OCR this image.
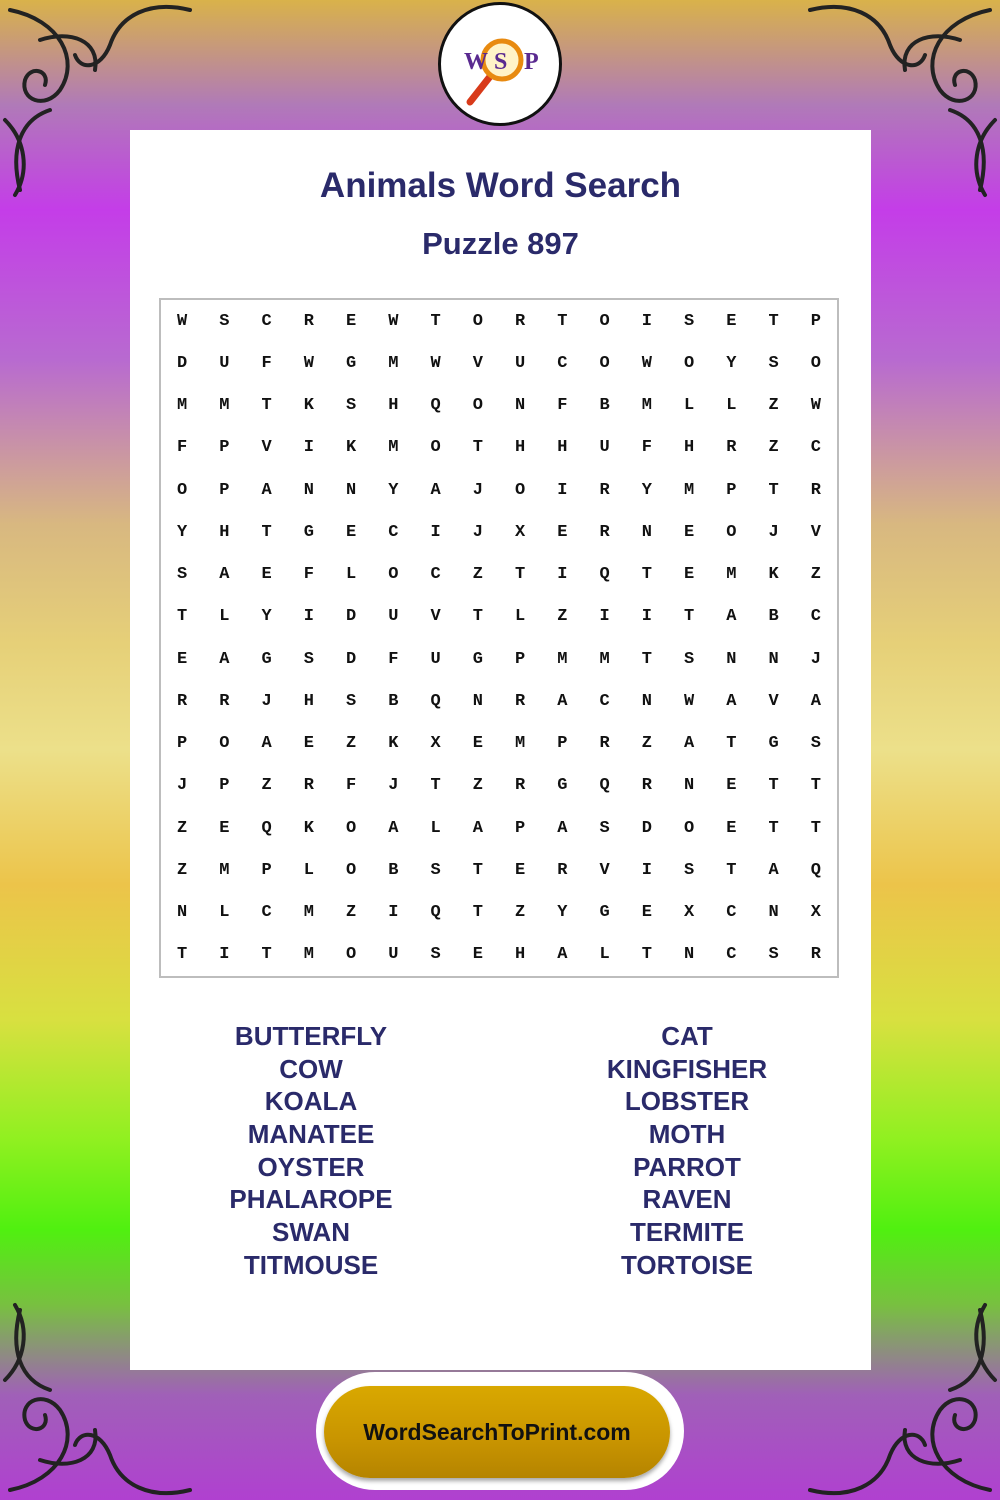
Animals Word Search
Puzzle 897
W	S	C	R	E	W	T	O	R	T	O	I	S	E	T	P
D	U	F	W	G	M	W	V	U	C	O	W	O	Y	S	O
M	M	T	K	S	H	Q	O	N	F	B	M	L	L	Z	W
F	P	V	I	K	M	O	T	H	H	U	F	H	R	Z	C
O	P	A	N	N	Y	A	J	O	I	R	Y	M	P	T	R
Y	H	T	G	E	C	I	J	X	E	R	N	E	O	J	V
S	A	E	F	L	O	C	Z	T	I	Q	T	E	M	K	Z
T	L	Y	I	D	U	V	T	L	Z	I	I	T	A	B	C
E	A	G	S	D	F	U	G	P	M	M	T	S	N	N	J
R	R	J	H	S	B	Q	N	R	A	C	N	W	A	V	A
P	O	A	E	Z	K	X	E	M	P	R	Z	A	T	G	S
J	P	Z	R	F	J	T	Z	R	G	Q	R	N	E	T	T
Z	E	Q	K	O	A	L	A	P	A	S	D	O	E	T	T
Z	M	P	L	O	B	S	T	E	R	V	I	S	T	A	Q
N	L	C	M	Z	I	Q	T	Z	Y	G	E	X	C	N	X
T	I	T	M	O	U	S	E	H	A	L	T	N	C	S	R
BUTTERFLY
COW
KOALA
MANATEE
OYSTER
PHALAROPE
SWAN
TITMOUSE
CAT
KINGFISHER
LOBSTER
MOTH
PARROT
RAVEN
TERMITE
TORTOISE
W S P
WordSearchToPrint.com
